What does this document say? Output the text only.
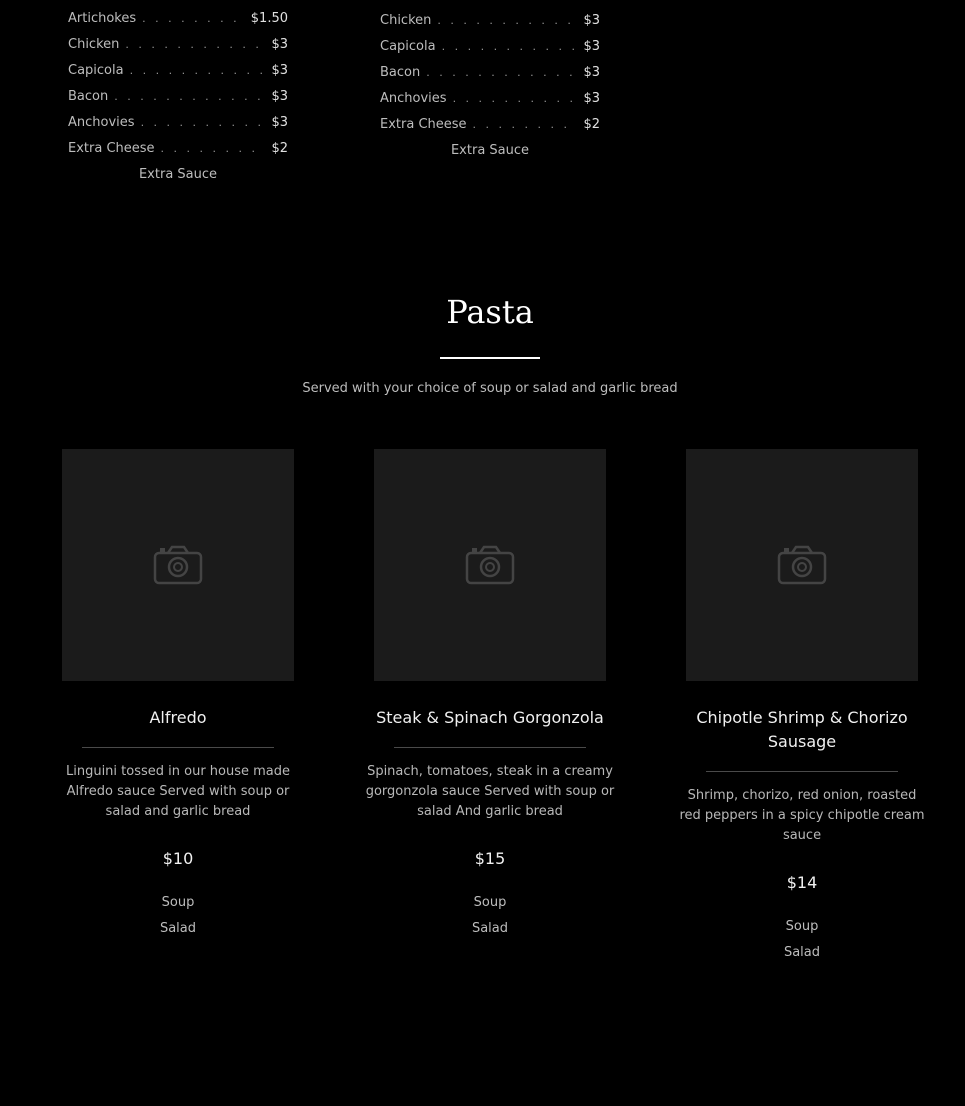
Artichokes . . .	$1.50
Chicken . . .	$3
Capicola . . .	$3
Bacon . . .	$3
Anchovies . . .	$3
Extra Cheese . . .	$2
Extra Sauce
Chicken . . .	$3
Capicola . . .	$3
Bacon . . .	$3
Anchovies . . .	$3
Extra Cheese . . .	$2
Extra Sauce
Pasta
Served with your choice of soup or salad and garlic bread
Alfredo
Linguini tossed in our house made Alfredo sauce Served with soup or salad and garlic bread
$10
Soup
Salad
Steak & Spinach Gorgonzola
Spinach, tomatoes, steak in a creamy gorgonzola sauce Served with soup or salad And garlic bread
$15
Soup
Salad
Chipotle Shrimp & Chorizo Sausage
Shrimp, chorizo, red onion, roasted red peppers in a spicy chipotle cream sauce
$14
Soup
Salad
